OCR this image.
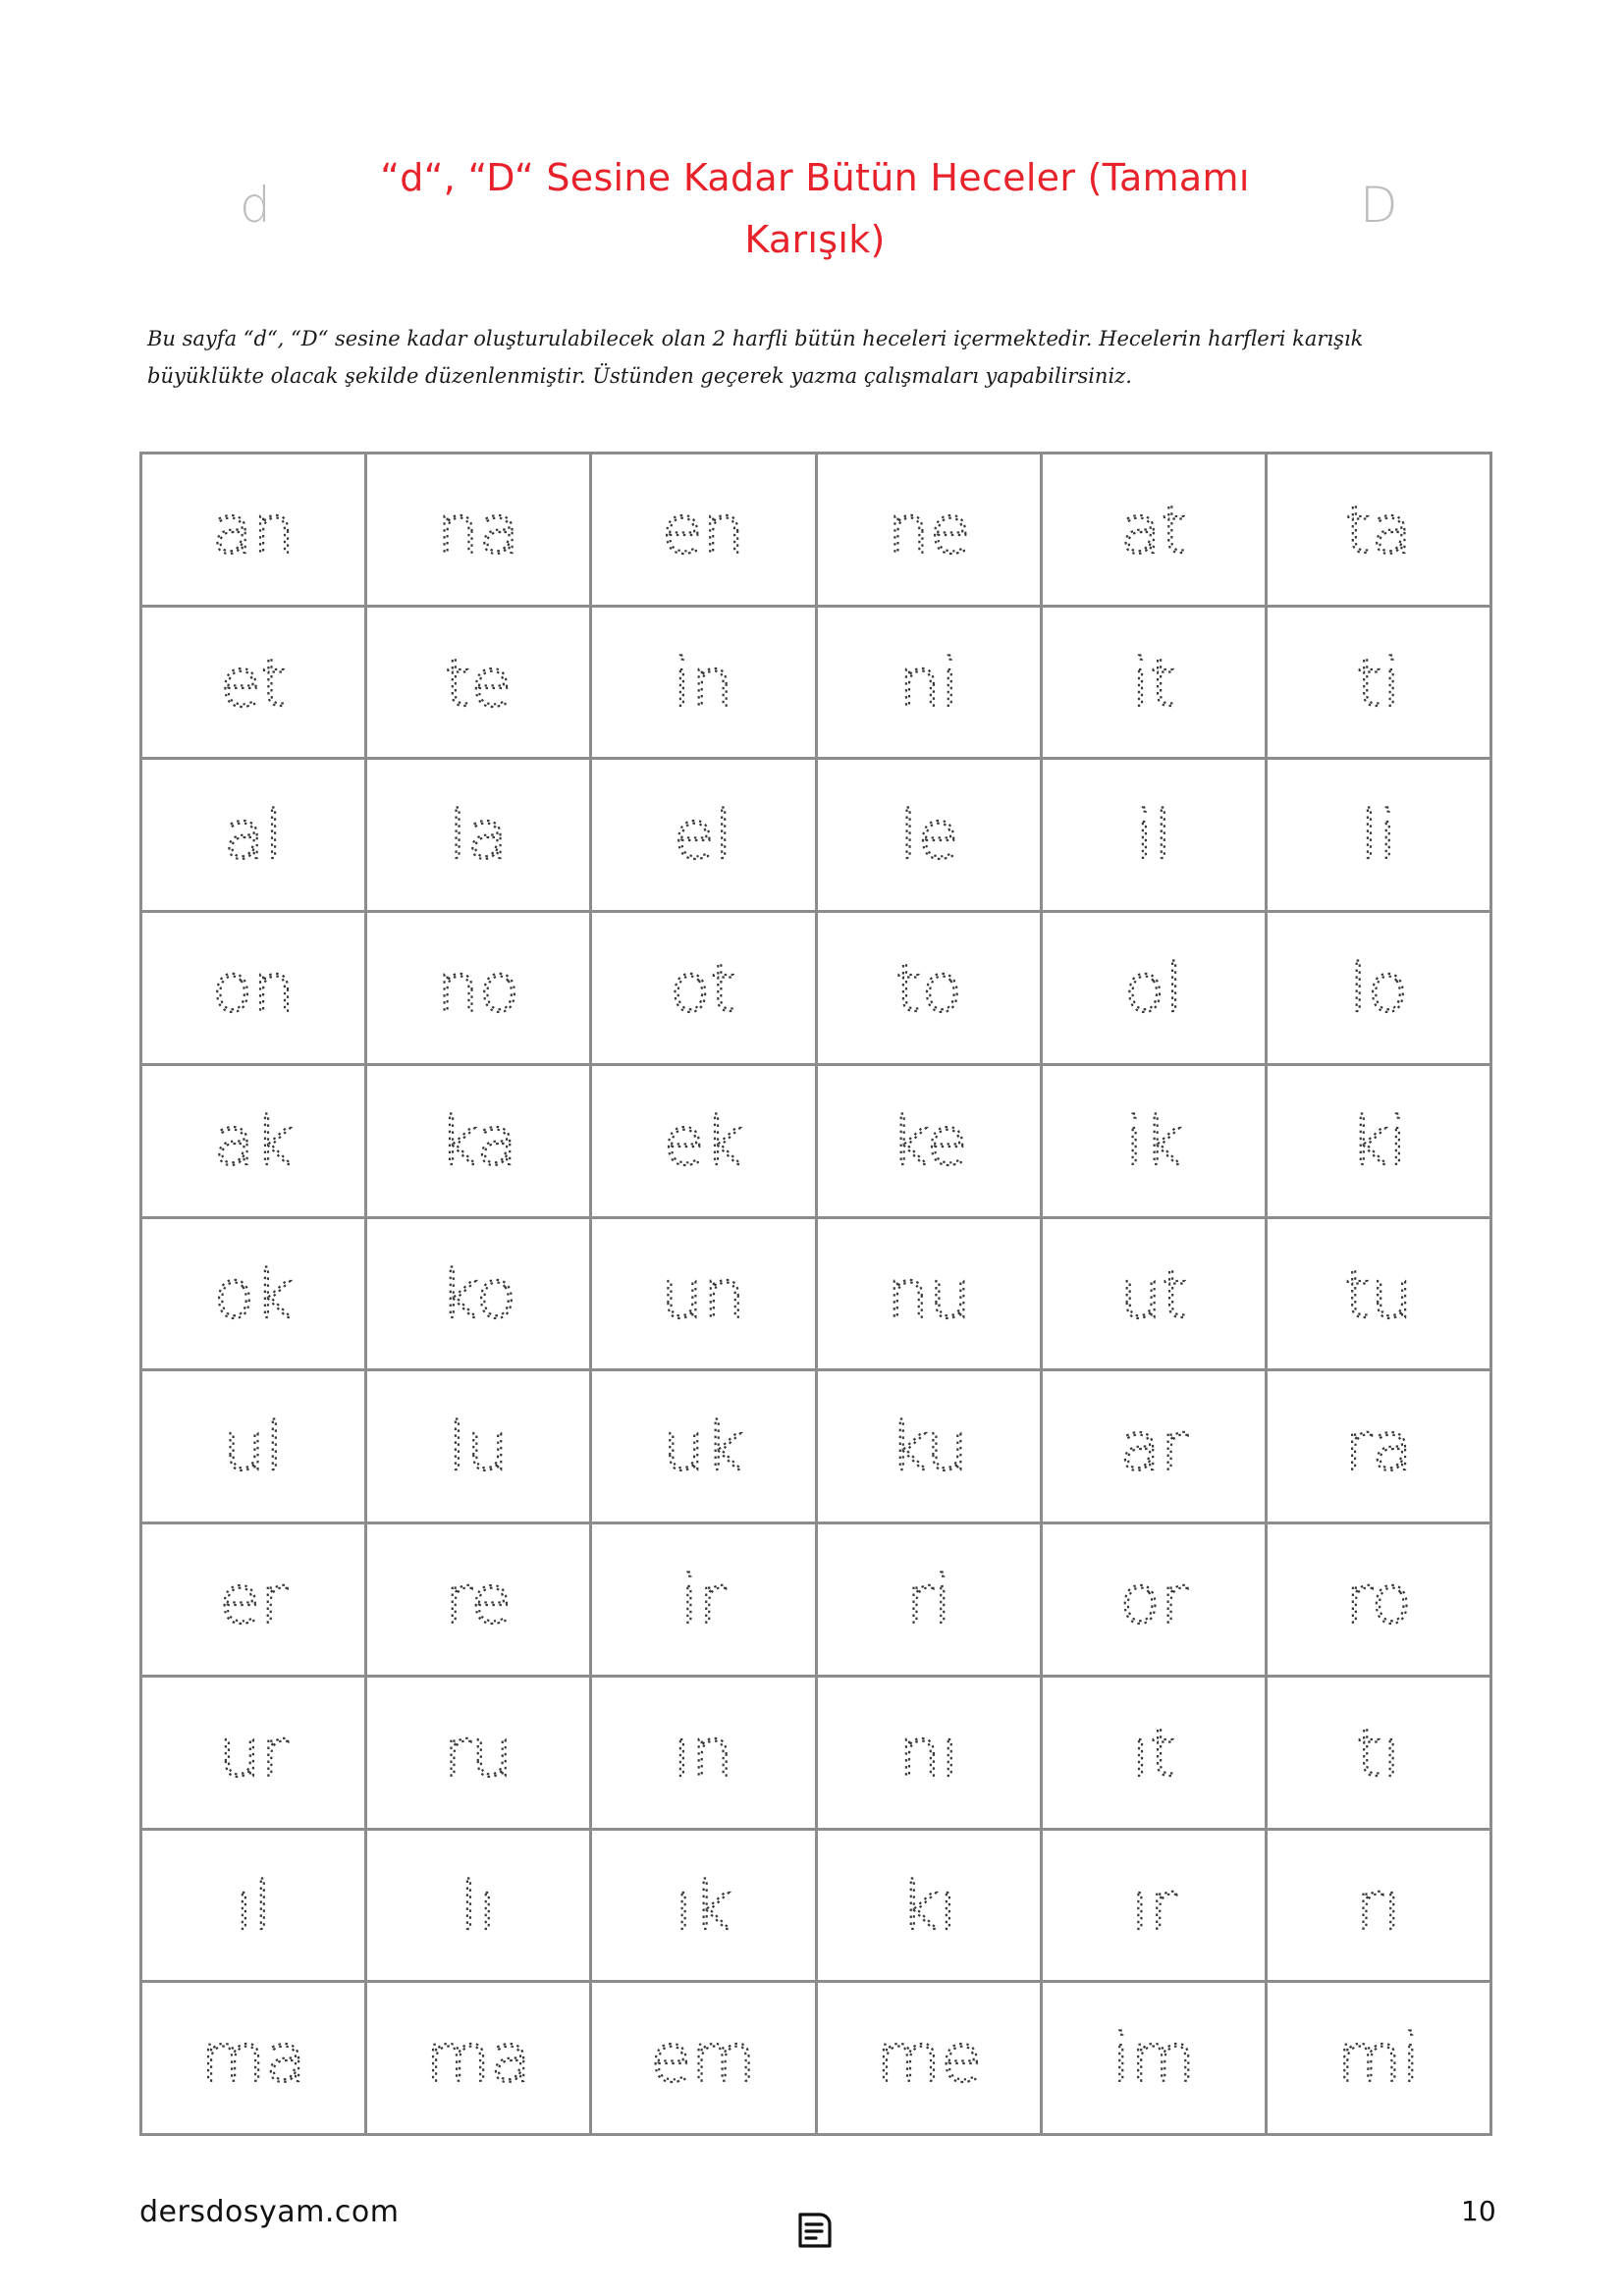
d	“d“, “D“ Sesine Kadar Bütün Heceler (Tamamı
Karışık)
D
Bu sayfa “d“, “D“ sesine kadar oluşturulabilecek olan 2 harfli bütün heceleri içermektedir. Hecelerin harfleri karışık
büyüklükte olacak şekilde düzenlenmiştir. Üstünden geçerek yazma çalışmaları yapabilirsiniz.
an na en ne at ta
et te in ni	it	ti
al la el le	il	li
on no ot to ol lo
ak ka ek ke ik	ki
ok ko un nu ut tu
ul lu uk ku ar ra
er re	ir	ri	or ro
ur ru ın nı	ıt	tı
ıl	lı	ık	kı	ır	rı
ma ma em me im mi
dersdosyam.com	10
